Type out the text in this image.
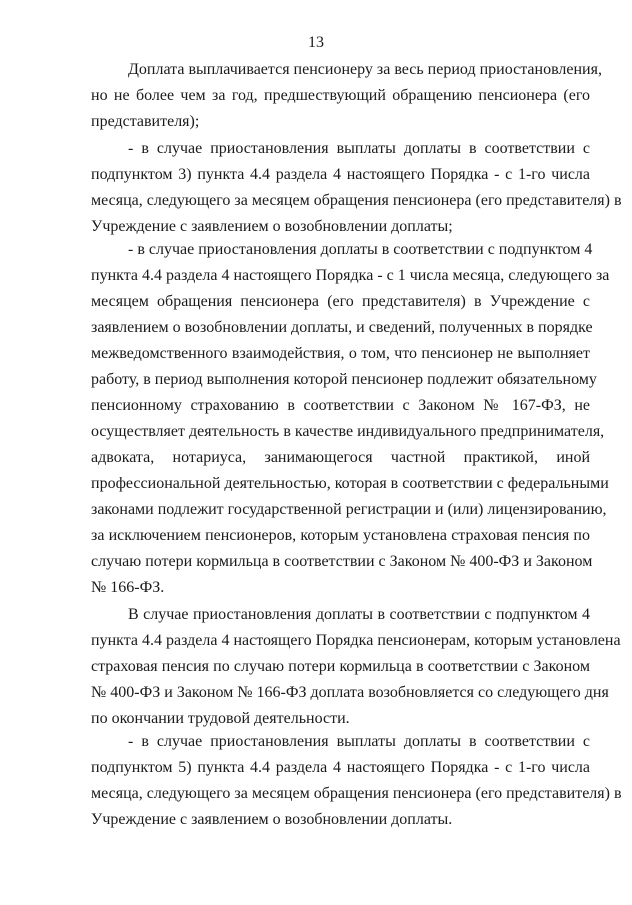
13
Доплата выплачивается пенсионеру за весь период приостановления,
но не более чем за год, предшествующий обращению пенсионера (его
представителя);
- в случае приостановления выплаты доплаты в соответствии с
подпунктом 3) пункта 4.4 раздела 4 настоящего Порядка - с 1-го числа
месяца, следующего за месяцем обращения пенсионера (его представителя) в
Учреждение с заявлением о возобновлении доплаты;
- в случае приостановления доплаты в соответствии с подпунктом 4
пункта 4.4 раздела 4 настоящего Порядка - с 1 числа месяца, следующего за
месяцем обращения пенсионера (его представителя) в Учреждение с
заявлением о возобновлении доплаты, и сведений, полученных в порядке
межведомственного взаимодействия, о том, что пенсионер не выполняет
работу, в период выполнения которой пенсионер подлежит обязательному
пенсионному страхованию в соответствии с Законом № 167-ФЗ, не
осуществляет деятельность в качестве индивидуального предпринимателя,
адвоката, нотариуса, занимающегося частной практикой, иной
профессиональной деятельностью, которая в соответствии с федеральными
законами подлежит государственной регистрации и (или) лицензированию,
за исключением пенсионеров, которым установлена страховая пенсия по
случаю потери кормильца в соответствии с Законом № 400-ФЗ и Законом
№ 166-ФЗ.
В случае приостановления доплаты в соответствии с подпунктом 4
пункта 4.4 раздела 4 настоящего Порядка пенсионерам, которым установлена
страховая пенсия по случаю потери кормильца в соответствии с Законом
№ 400-ФЗ и Законом № 166-ФЗ доплата возобновляется со следующего дня
по окончании трудовой деятельности.
- в случае приостановления выплаты доплаты в соответствии с
подпунктом 5) пункта 4.4 раздела 4 настоящего Порядка - с 1-го числа
месяца, следующего за месяцем обращения пенсионера (его представителя) в
Учреждение с заявлением о возобновлении доплаты.
